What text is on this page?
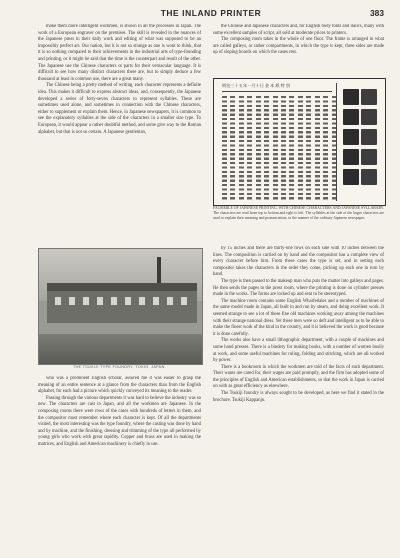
THE INLAND PRINTER	383

make them more intelligent workmen, is shown in all the processes in Japan. The work of a European engraver on the premises. The skill is revealed in the nuances of the Japanese press in their daily work and editing of what was supposed to be an impossibly perfect art. Our nation, but it is not so strange as one is wont to think, that it is so nothing compared to their achievements in the industrial arts of type-founding and printing, or it might be said that the time is the counterpart and result of the other. The Japanese use the Chinese characters or parts for their vernacular language. It is difficult to see how many distinct characters there are, but to simply deduce a few thousand at least in common use, there are a great many.

The Chinese being a pretty method of writing, each character represents a definite idea. This makes it difficult to express abstract ideas, and, consequently, the Japanese developed a series of forty-seven characters to represent syllables. These are sometimes used alone, and sometimes in connection with the Chinese characters, either to supplement or explain them. Hence, in Japanese newspapers, it is common to see the explanatory syllables at the side of the characters in a smaller size type. To European, it would appear a rather doubtful method, and some give way to the Roman alphabet, but that is not so certain. A Japanese gentleman,

THE TSUKIJI TYPE FOUNDRY, TOKIO, JAPAN.

who was a prominent English scholar, assured me it was easier to grasp the meaning of an entire sentence at a glance from the characters than from the English alphabet, for each had a picture which quickly conveyed its meaning to the reader.

Passing through the various departments it was hard to believe the industry was so new. The characters are cast in Japan, and all the workmen are Japanese. In the composing rooms there were rows of the cases with hundreds of letters in them, and the compositor must remember where each character is kept. Of all the departments visited, the most interesting was the type foundry, where the casting was done by hand and by machine, and the finishing, dressing and trimming of the type all performed by young girls who work with great rapidity. Copper and brass are used in making the matrices, and English and American machinery is chiefly in use.

the Chinese and Japanese characters and, for English body fonts and italics, many with some excellent samples of script, all sold at moderate prices to printers.

The composing room takes in the whole of one floor. The frame is arranged in what are called galleys, or rather compartments, in which the type is kept, three sides are made up of sloping boards on which the cases rest.

明治三十五年一月十日 金 本 紙 特 別
FACSIMILE OF JAPANESE PRINTING, WITH CHINESE CHARACTERS AND JAPANESE SYLLABARY. The characters are read from top to bottom and right to left. The syllables at the side of the larger characters are used to explain their meaning and pronunciation, in the manner of the ordinary Japanese newspaper.

by 15 inches and there are thirty-one rows on each side with 10 inches between the lines. The composition is carried on by hand and the compositor has a complete view of every character before him. From these cases the type is set, and in setting each compositor takes the characters in the order they come, picking up each one in turn by hand.

The type is then passed to the makeup man who puts the matter into galleys and pages. He then sends the pages to the press room, where the printing is done on cylinder presses made in the works. The forms are locked up and sent to be stereotyped.

The machine room contains some English Wharfedales and a number of machines of the same model made in Japan, all built in and run by steam, and doing excellent work. It seemed strange to see a lot of these fine old machines working away among the machines with their strange national dress. Yet these men were so deft and intelligent as to be able to make the finest work of the kind in the country, and it is believed the work is good because it is done carefully.

The works also have a small lithographic department, with a couple of machines and some hand presses. There is a bindery for making books, with a number of women busily at work, and some useful machines for ruling, folding and stitching, which are all worked by power.

There is a bookroom in which the workmen are told of the facts of each department. Their wants are cared for, their wages are paid promptly, and the firm has adopted some of the principles of English and American establishments, so that the work in Japan is carried on with as great efficiency as elsewhere.

The Tsukiji foundry is always sought to be developed, as here we find it stated in the brochure. Tsukiji Kappanjo.
